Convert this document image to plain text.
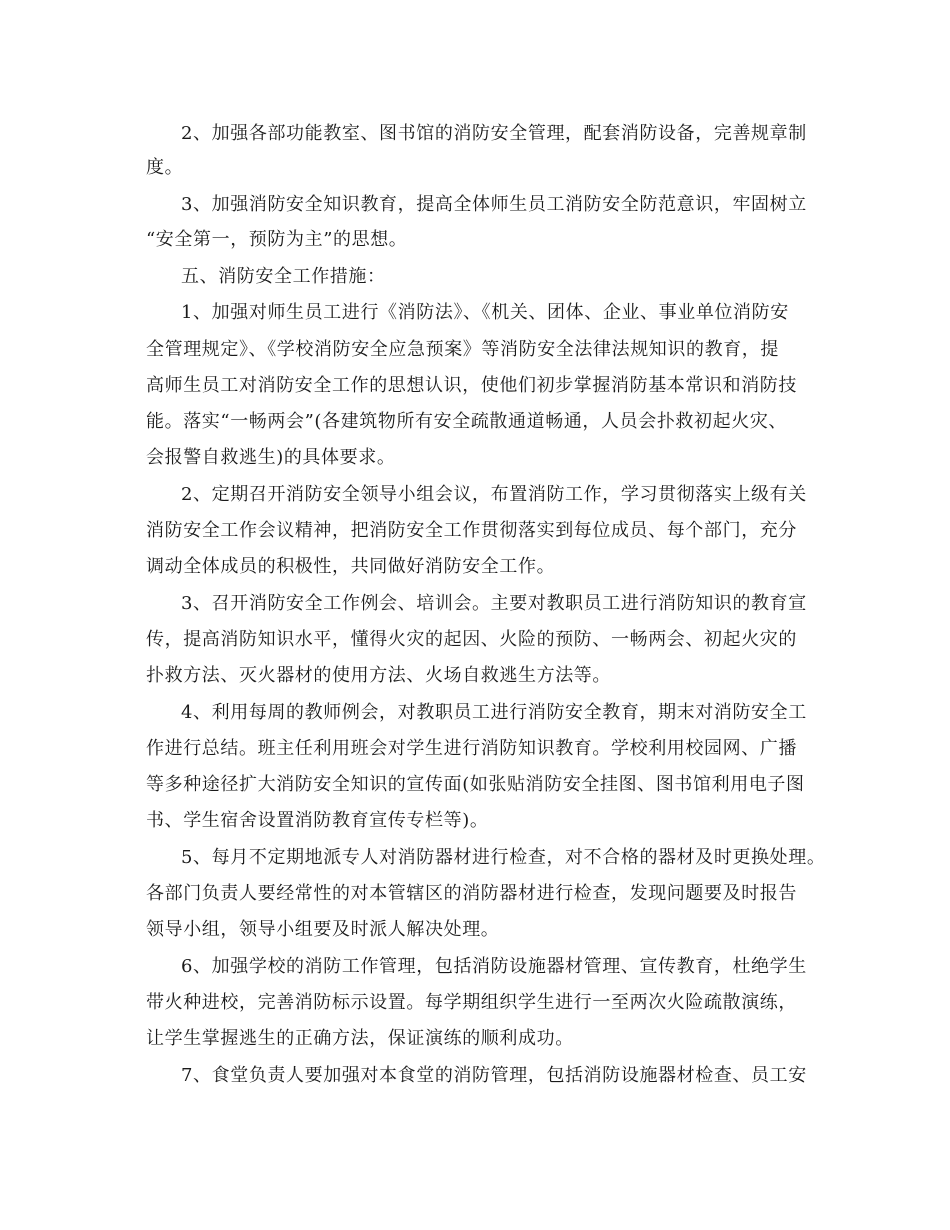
2、加强各部功能教室、图书馆的消防安全管理，配套消防设备，完善规章制
度。
3、加强消防安全知识教育，提高全体师生员工消防安全防范意识，牢固树立
“安全第一，预防为主”的思想。
五、消防安全工作措施：
1、加强对师生员工进行《消防法》、《机关、团体、企业、事业单位消防安
全管理规定》、《学校消防安全应急预案》等消防安全法律法规知识的教育，提
高师生员工对消防安全工作的思想认识，使他们初步掌握消防基本常识和消防技
能。落实“一畅两会”(各建筑物所有安全疏散通道畅通，人员会扑救初起火灾、
会报警自救逃生)的具体要求。
2、定期召开消防安全领导小组会议，布置消防工作，学习贯彻落实上级有关
消防安全工作会议精神，把消防安全工作贯彻落实到每位成员、每个部门，充分
调动全体成员的积极性，共同做好消防安全工作。
3、召开消防安全工作例会、培训会。主要对教职员工进行消防知识的教育宣
传，提高消防知识水平，懂得火灾的起因、火险的预防、一畅两会、初起火灾的
扑救方法、灭火器材的使用方法、火场自救逃生方法等。
4、利用每周的教师例会，对教职员工进行消防安全教育，期末对消防安全工
作进行总结。班主任利用班会对学生进行消防知识教育。学校利用校园网、广播
等多种途径扩大消防安全知识的宣传面(如张贴消防安全挂图、图书馆利用电子图
书、学生宿舍设置消防教育宣传专栏等)。
5、每月不定期地派专人对消防器材进行检查，对不合格的器材及时更换处理。
各部门负责人要经常性的对本管辖区的消防器材进行检查，发现问题要及时报告
领导小组，领导小组要及时派人解决处理。
6、加强学校的消防工作管理，包括消防设施器材管理、宣传教育，杜绝学生
带火种进校，完善消防标示设置。每学期组织学生进行一至两次火险疏散演练，
让学生掌握逃生的正确方法，保证演练的顺利成功。
7、食堂负责人要加强对本食堂的消防管理，包括消防设施器材检查、员工安
